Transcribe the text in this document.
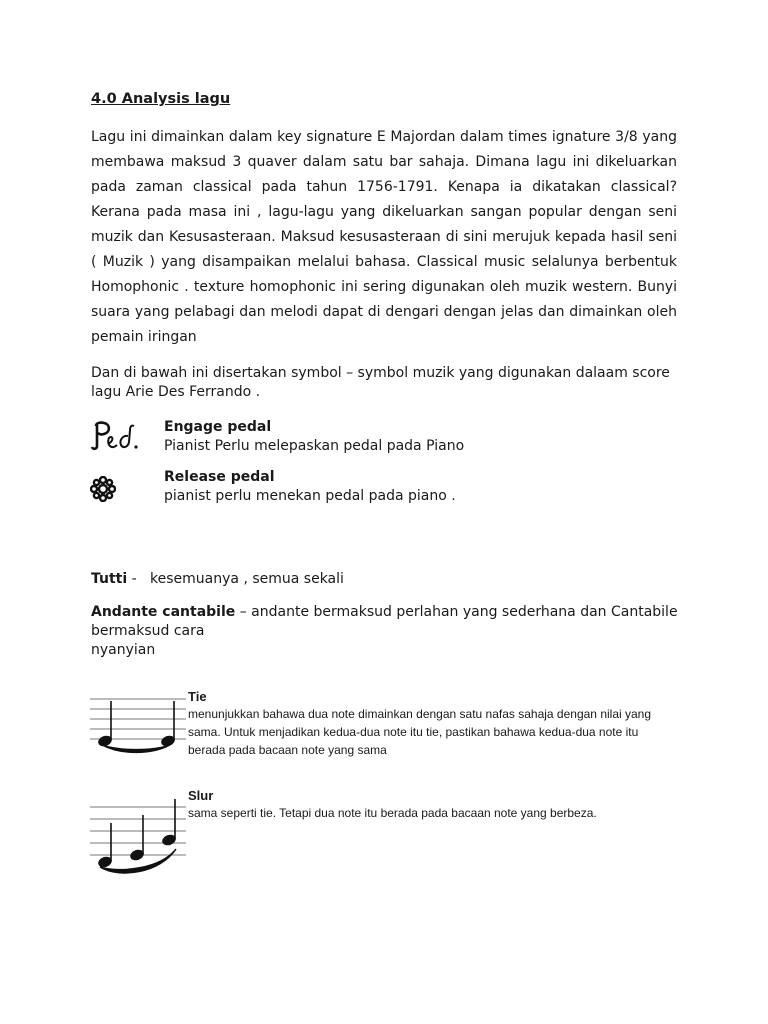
4.0 Analysis lagu
Lagu ini dimainkan dalam key signature E Majordan dalam times ignature 3/8 yang membawa maksud 3 quaver dalam satu bar sahaja. Dimana lagu ini dikeluarkan pada zaman classical pada tahun 1756-1791. Kenapa ia dikatakan classical? Kerana pada masa ini , lagu-lagu yang dikeluarkan sangan popular dengan seni muzik dan Kesusasteraan. Maksud kesusasteraan di sini merujuk kepada hasil seni ( Muzik ) yang disampaikan melalui bahasa. Classical music selalunya berbentuk Homophonic . texture homophonic ini sering digunakan oleh muzik western. Bunyi suara yang pelabagi dan melodi dapat di dengari dengan jelas dan dimainkan oleh pemain iringan
Dan di bawah ini disertakan symbol – symbol muzik yang digunakan dalaam score
lagu Arie Des Ferrando .
Engage pedal
Pianist Perlu melepaskan pedal pada Piano
Release pedal
pianist perlu menekan pedal pada piano .
Tutti -   kesemuanya , semua sekali
Andante cantabile – andante bermaksud perlahan yang sederhana dan Cantabile bermaksud cara
nyanyian
Tie
menunjukkan bahawa dua note dimainkan dengan satu nafas sahaja dengan nilai yang sama. Untuk menjadikan kedua-dua note itu tie, pastikan bahawa kedua-dua note itu berada pada bacaan note yang sama
Slur
sama seperti tie. Tetapi dua note itu berada pada bacaan note yang berbeza.
